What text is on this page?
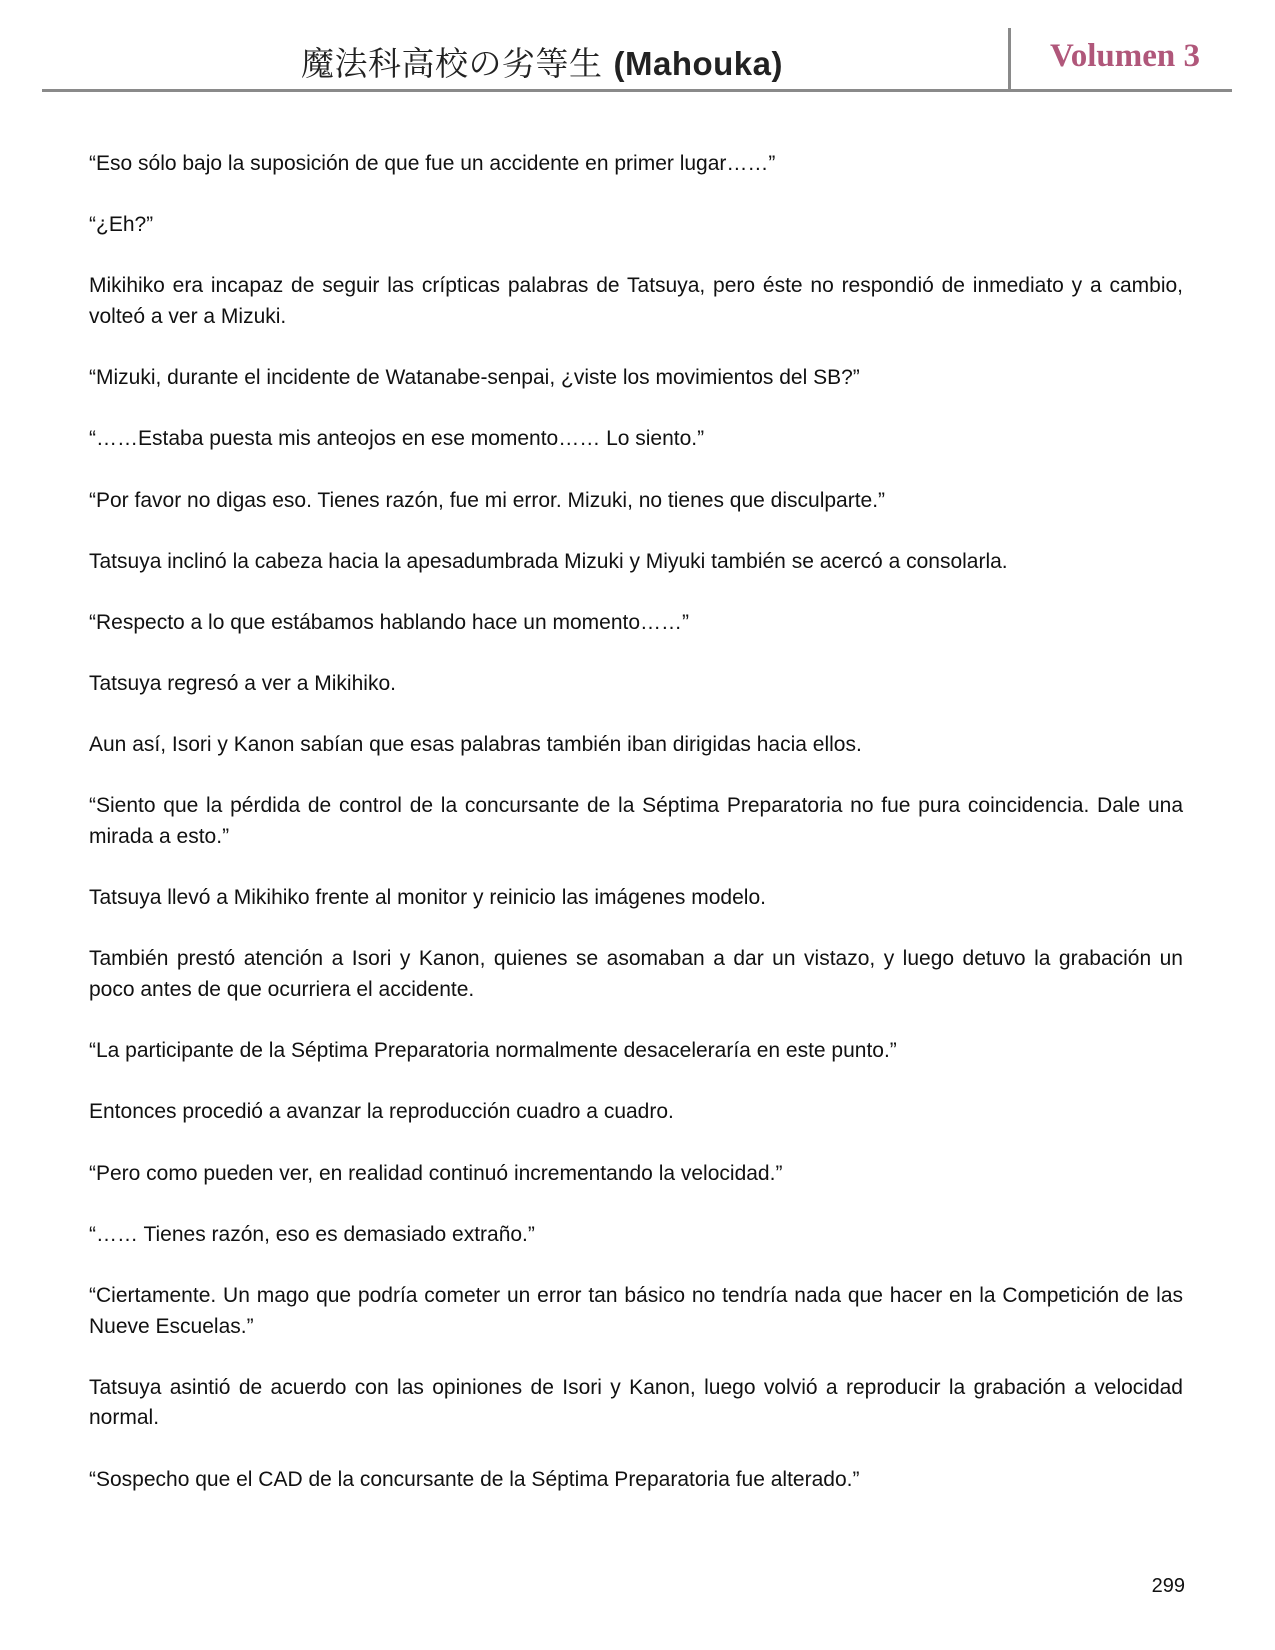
魔法科高校の劣等生 (Mahouka)	Volumen 3

“Eso sólo bajo la suposición de que fue un accidente en primer lugar……”

“¿Eh?”

Mikihiko era incapaz de seguir las crípticas palabras de Tatsuya, pero éste no respondió de inmediato y a cambio, volteó a ver a Mizuki.

“Mizuki, durante el incidente de Watanabe-senpai, ¿viste los movimientos del SB?”

“……Estaba puesta mis anteojos en ese momento…… Lo siento.”

“Por favor no digas eso. Tienes razón, fue mi error. Mizuki, no tienes que disculparte.”

Tatsuya inclinó la cabeza hacia la apesadumbrada Mizuki y Miyuki también se acercó a consolarla.

“Respecto a lo que estábamos hablando hace un momento……”

Tatsuya regresó a ver a Mikihiko.

Aun así, Isori y Kanon sabían que esas palabras también iban dirigidas hacia ellos.

“Siento que la pérdida de control de la concursante de la Séptima Preparatoria no fue pura coincidencia. Dale una mirada a esto.”

Tatsuya llevó a Mikihiko frente al monitor y reinicio las imágenes modelo.

También prestó atención a Isori y Kanon, quienes se asomaban a dar un vistazo, y luego detuvo la grabación un poco antes de que ocurriera el accidente.

“La participante de la Séptima Preparatoria normalmente desaceleraría en este punto.”

Entonces procedió a avanzar la reproducción cuadro a cuadro.

“Pero como pueden ver, en realidad continuó incrementando la velocidad.”

“…… Tienes razón, eso es demasiado extraño.”

“Ciertamente. Un mago que podría cometer un error tan básico no tendría nada que hacer en la Competición de las Nueve Escuelas.”

Tatsuya asintió de acuerdo con las opiniones de Isori y Kanon, luego volvió a reproducir la grabación a velocidad normal.

“Sospecho que el CAD de la concursante de la Séptima Preparatoria fue alterado.”

299
